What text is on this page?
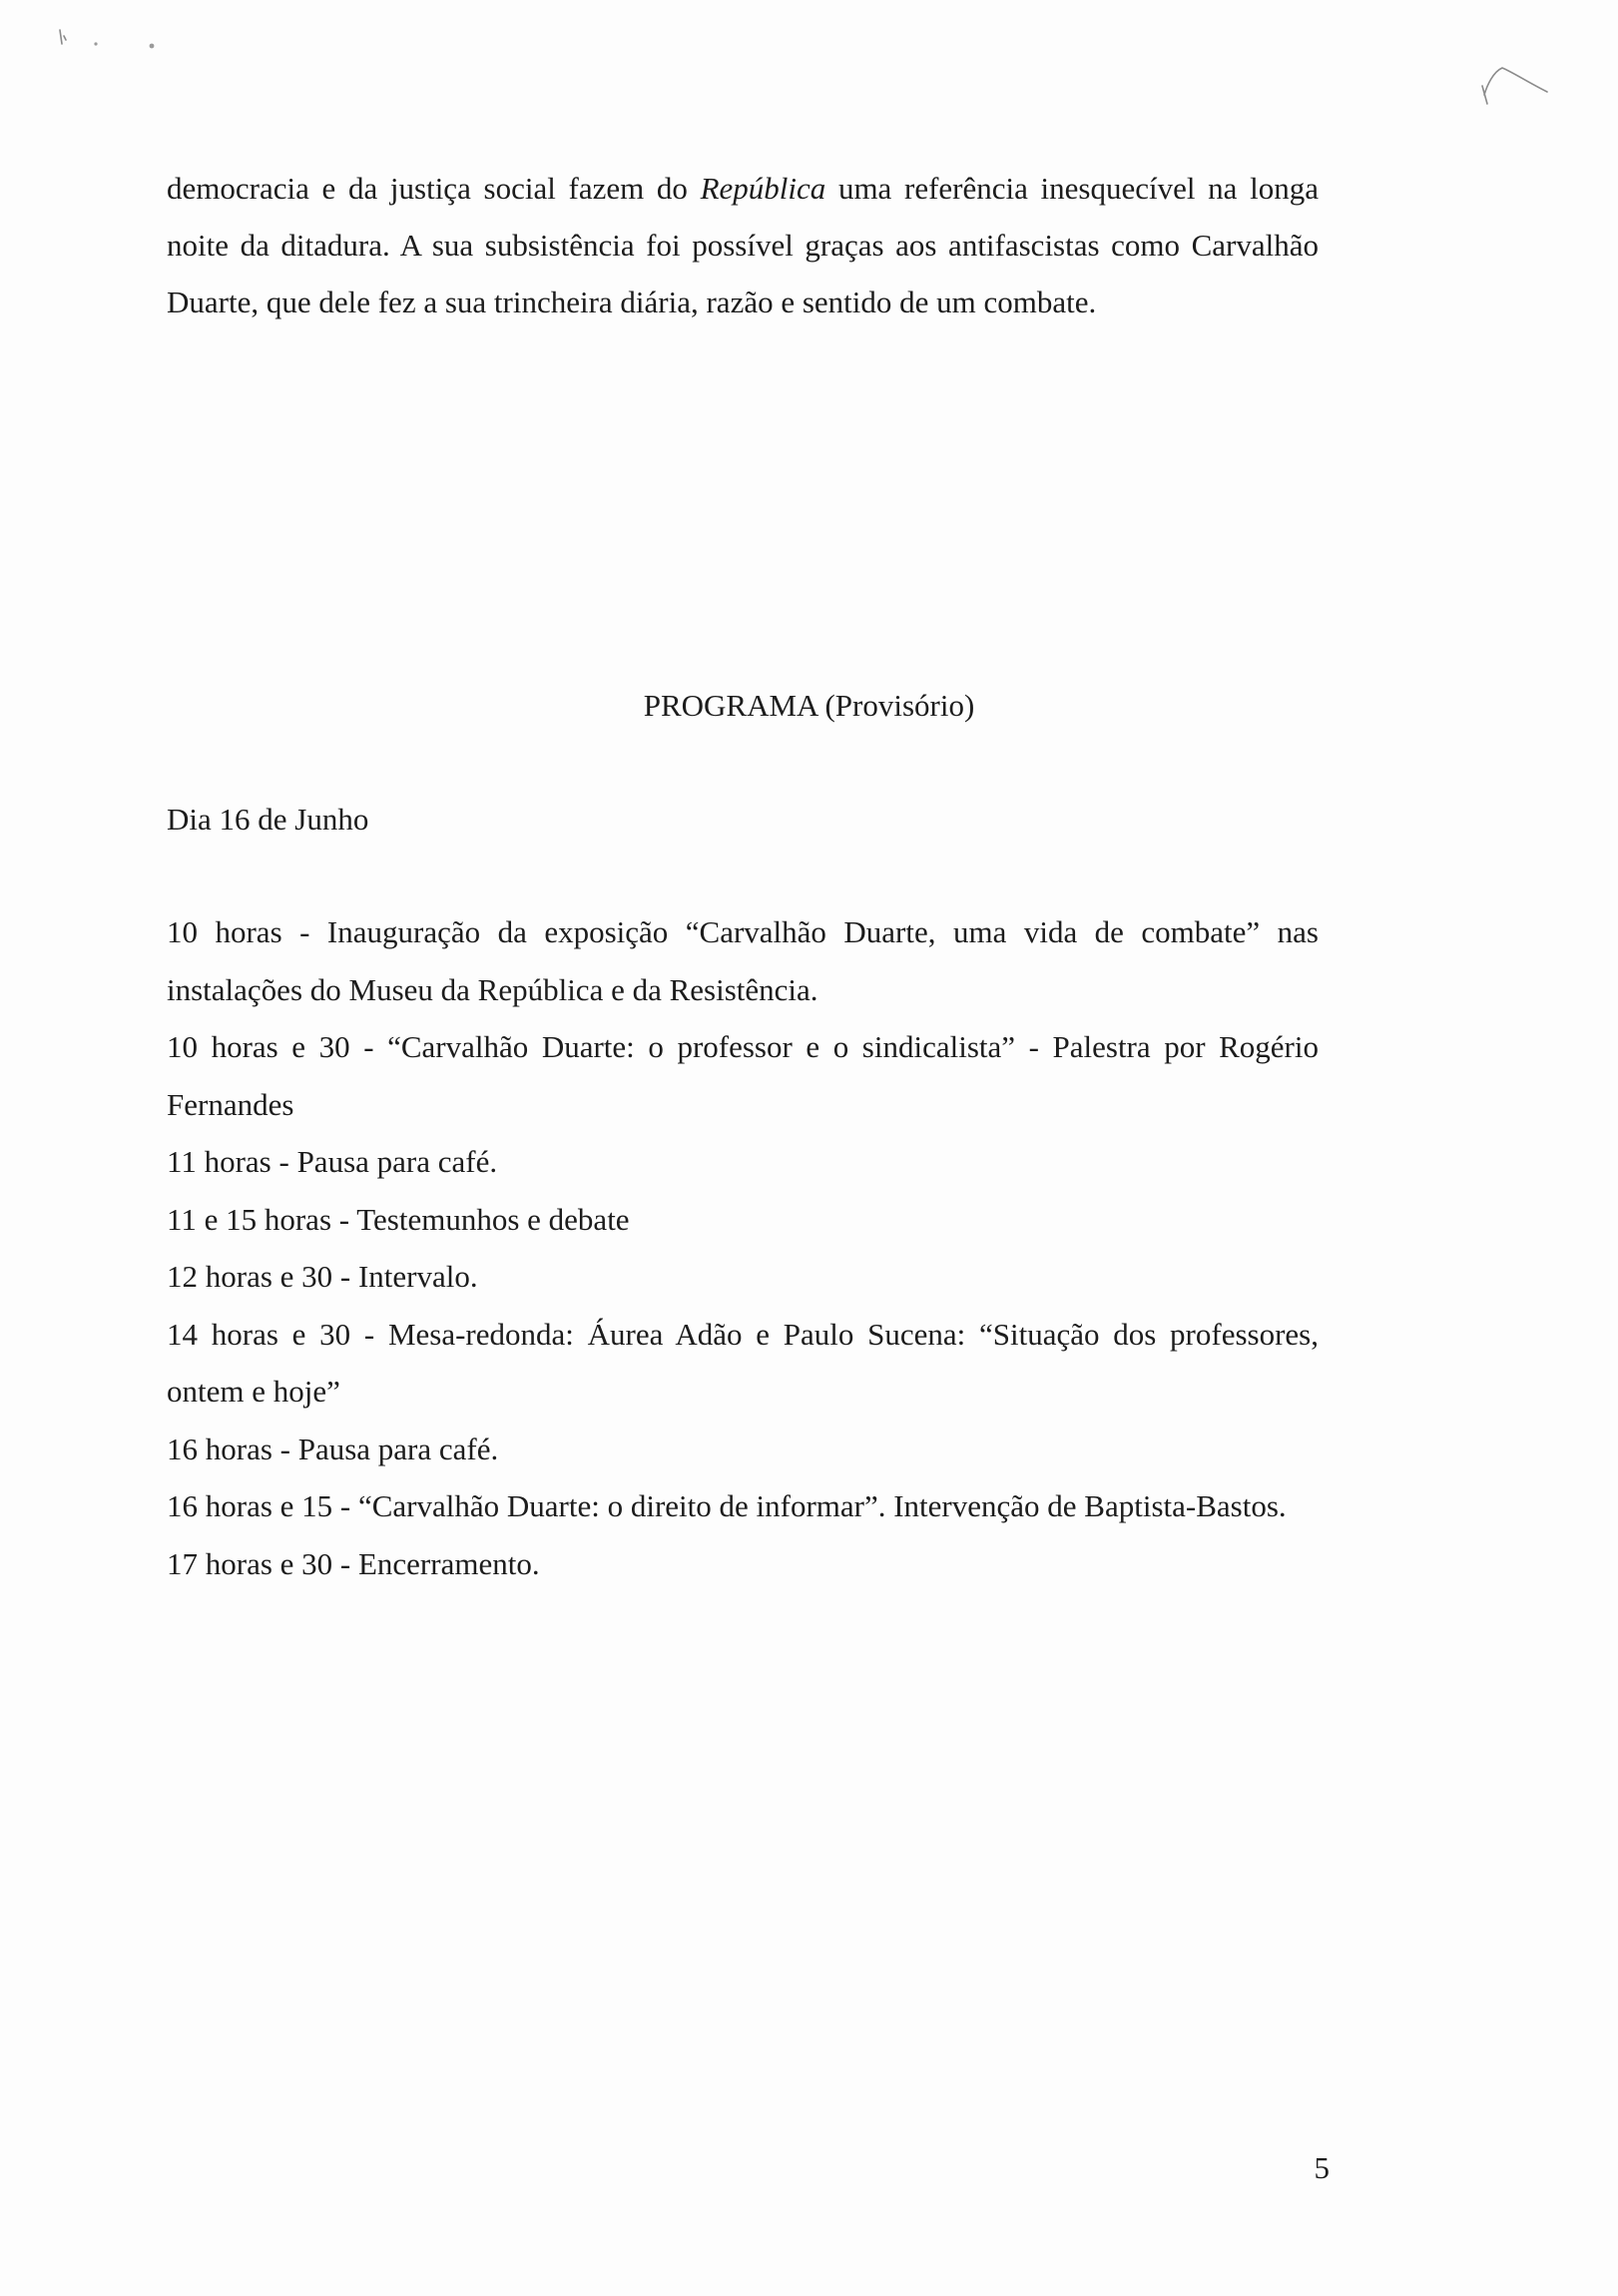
democracia e da justiça social fazem do República uma referência inesquecível na longa noite da ditadura. A sua subsistência foi possível graças aos antifascistas como Carvalhão Duarte, que dele fez a sua trincheira diária, razão e sentido de um combate.

PROGRAMA (Provisório)

Dia 16 de Junho

10 horas - Inauguração da exposição “Carvalhão Duarte, uma vida de combate” nas instalações do Museu da República e da Resistência.
10 horas e 30 - “Carvalhão Duarte: o professor e o sindicalista” - Palestra por Rogério Fernandes
11 horas - Pausa para café.
11 e 15 horas - Testemunhos e debate
12 horas e 30 - Intervalo.
14 horas e 30 - Mesa-redonda: Áurea Adão e Paulo Sucena: “Situação dos professores, ontem e hoje”
16 horas - Pausa para café.
16 horas e 15 - “Carvalhão Duarte: o direito de informar”. Intervenção de Baptista-Bastos.
17 horas e 30 - Encerramento.

5
